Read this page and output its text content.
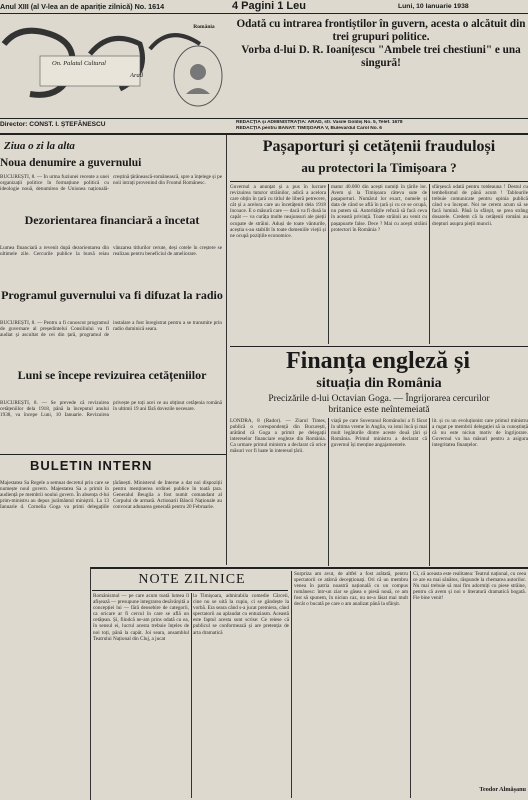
Anul XIII (al V-lea an de apariție zilnică) No. 1614	4 Pagini 1 Leu	Luni, 10 Ianuarie 1938
On. Palatul Cultural
Arad
România	Odată cu intrarea frontiștilor în guvern, acesta o alcătuit din trei grupuri politice.
Vorba d-lui D. R. Ioanițescu "Ambele trei chestiuni" e una singură!
Director: CONST. I. ȘTEFĂNESCU	REDACȚIA și ADMINISTRAȚIA: ARAD, str. Vasile Goldiș No. 5, Telef. 1678
REDACȚIA pentru BANAT: TIMIȘOARA V, Bulevardul Carol No. 6
Ziua o zi la alta
Noua denumire a guvernului
BUCUREȘTI, 8. — În urma fuziunei recente a unei organizații politice în formațiune politică cu ideologie nouă, denumirea de Uniunea națională-creștină țărănească-românească, spre a înțelege și pe noii intrați provenind din Frontul Românesc.
Dezorientarea financiară a încetat
Lumea financiară a revenit după dezorientarea din ultimele zile. Cercurile publice la bursă reiau vânzarea titlurilor cerute, deși cotele în creștere se realizau pentru beneficiul de ameliorare.
Programul guvernului va fi difuzat la radio
BUCUREȘTI, 8. — Pentru a fi cunoscut programul de guvernare al președintelui Consiliului va fi audiat și ascultat de cei din țară, programul de instalare a fost înregistrat pentru a se transmite prin radio duminică seara.
Luni se începe revizuirea cetățeniilor
BUCUREȘTI, 8. — Se prevede că revizuirea cetățeniilor dela 1918, până la începutul anului 1938, va începe Luni, 10 Ianuarie. Revizuirea privește pe toți acei ce au obținut cetățenia română în ultimii 19 ani fără dovezile necesare.
BULETIN INTERN
Majestatea Sa Regele a semnat decretul prin care se numește noul guvern. Majestatea Sa a primit în audiență pe membrii noului guvern. În absența d-lui prim-ministru au depus jurământul miniștrii. La 13 Ianuarie d. Cornelia Goga va primi delegațiile țărănești. Ministerul de Interne a dat noi dispoziții pentru menținerea ordinei publice în toată țara. Generalul Beuglia a fost numit comandant al Corpului de armată. Actionarii Băncii Naționale au convocat adunarea generală pentru 20 Februarie.
Pașaporturi și cetățenii frauduloși
au protectori la Timișoara ?
Guvernul a anunțat și a pus în lucrare revizuirea tuturor străinilor, adică a acelora care obțin în țară cu titlul de liberă petrecere, cât și a acelora care au încetățenit dela 1918 încoace. E o măsură care — dacă va fi dusă la capăt — va curăța multe neajunsuri ale pieții ocupate de străini. Aduși de toate vânturile, aceștia s-au stabilit în toate domeniile vieții și ne ocupă pozițiile economice.
matur 40.000 din acești numiți în țările lor. Avem și la Timișoara câteva sute de pașaporturi. Numărul lor exact, numele și data de când se află în țară și cu ce se ocupă, nu putem să. Autoritățile refuză să facă ceva în această privință. Toate străinii au venit cu pașapoarte false. Dece ? Mai cu acești străini protectori în România ?
sfârșescă odată pentru totdeauna ! Destul cu tembelismul de până acum ! Tablourile trebuie comunicate pentru opinia publică când s-a început. Noi ne cerem acum să se facă lumină. Până la sfârșit, se prea strâng dosarele. Credem că la cetățenii români au drepturi asupra pieții muncii.
Finanța engleză și
situația din România
Precizările d-lui Octavian Goga. — Îngrijorarea cercurilor
britanice este neîntemeiată
LONDRA, 8 (Rador). — Ziarul Times, publică o corespondență din București, arătând că Goga a primit pe delegații intereselor financiare engleze din România. Ca urmare primul ministru a declarat că orice măsuri vor fi luate în interesul țării.
viață pe care Suveranul Românului a fi făcut în ultima vreme în Anglia, va istui încă și mai mult legăturile dintre aceste două țări și România. Primul ministru a declarat că guvernul își menține angajamentele.
lit. și cu un evoluționist care primul ministru a rugat pe membrii delegației să ia cunoștință că nu este niciun motiv de îngrijorare. Guvernul va lua măsuri pentru a asigura integritatea finanțelor.
NOTE ZILNICE
Românismul — pe care acum toată lumea îl afișează — presupune integrarea desăvârșită a concepției lui — fără deosebire de categorii, ca oricare ar fi cercul în care se află un cetățean. Și, fiindcă ne-am prins odată cu ea, în sensul ei, lucrul acesta trebuie înțeles de noi toți, până la capăt. Joi seara, ansamblul Teatrului Național din Cluj, a jucat
la Timișoara, admirabila comedie Cărceii, cine nu se uită la cupiu, ci se gândește la vorbă. Era seara când s-a jucat premiera, când spectatorii au aplaudat cu entuziasm. Această este faptul acesta sunt scrise: Ce reiese că publicul se conformează și are pretenția de arta dramatică
Surpriza am avut, de altfel a fost arătată, pentru spectatorii ce atârnă decepționați. Ori că un membru venea în patria noastră națională cu un compus românesc: într-un ziar se găsea o piesă nouă, ce am fost să spunem, în niciun caz, nu ne-a lăsat mai mult decât o bucată pe care o am analizat până la sfârșit.
Ci, că aceasta este realitatea: Teatrul național, cu ceea ce are ea mai sănătos, răspunde la chemarea autorilor. Nu mai trebuie să mai fim adormiți cu piese străine, pentru că avem și noi o literatură dramatică bogată. Fie bine venit!
Teodor Almășanu
